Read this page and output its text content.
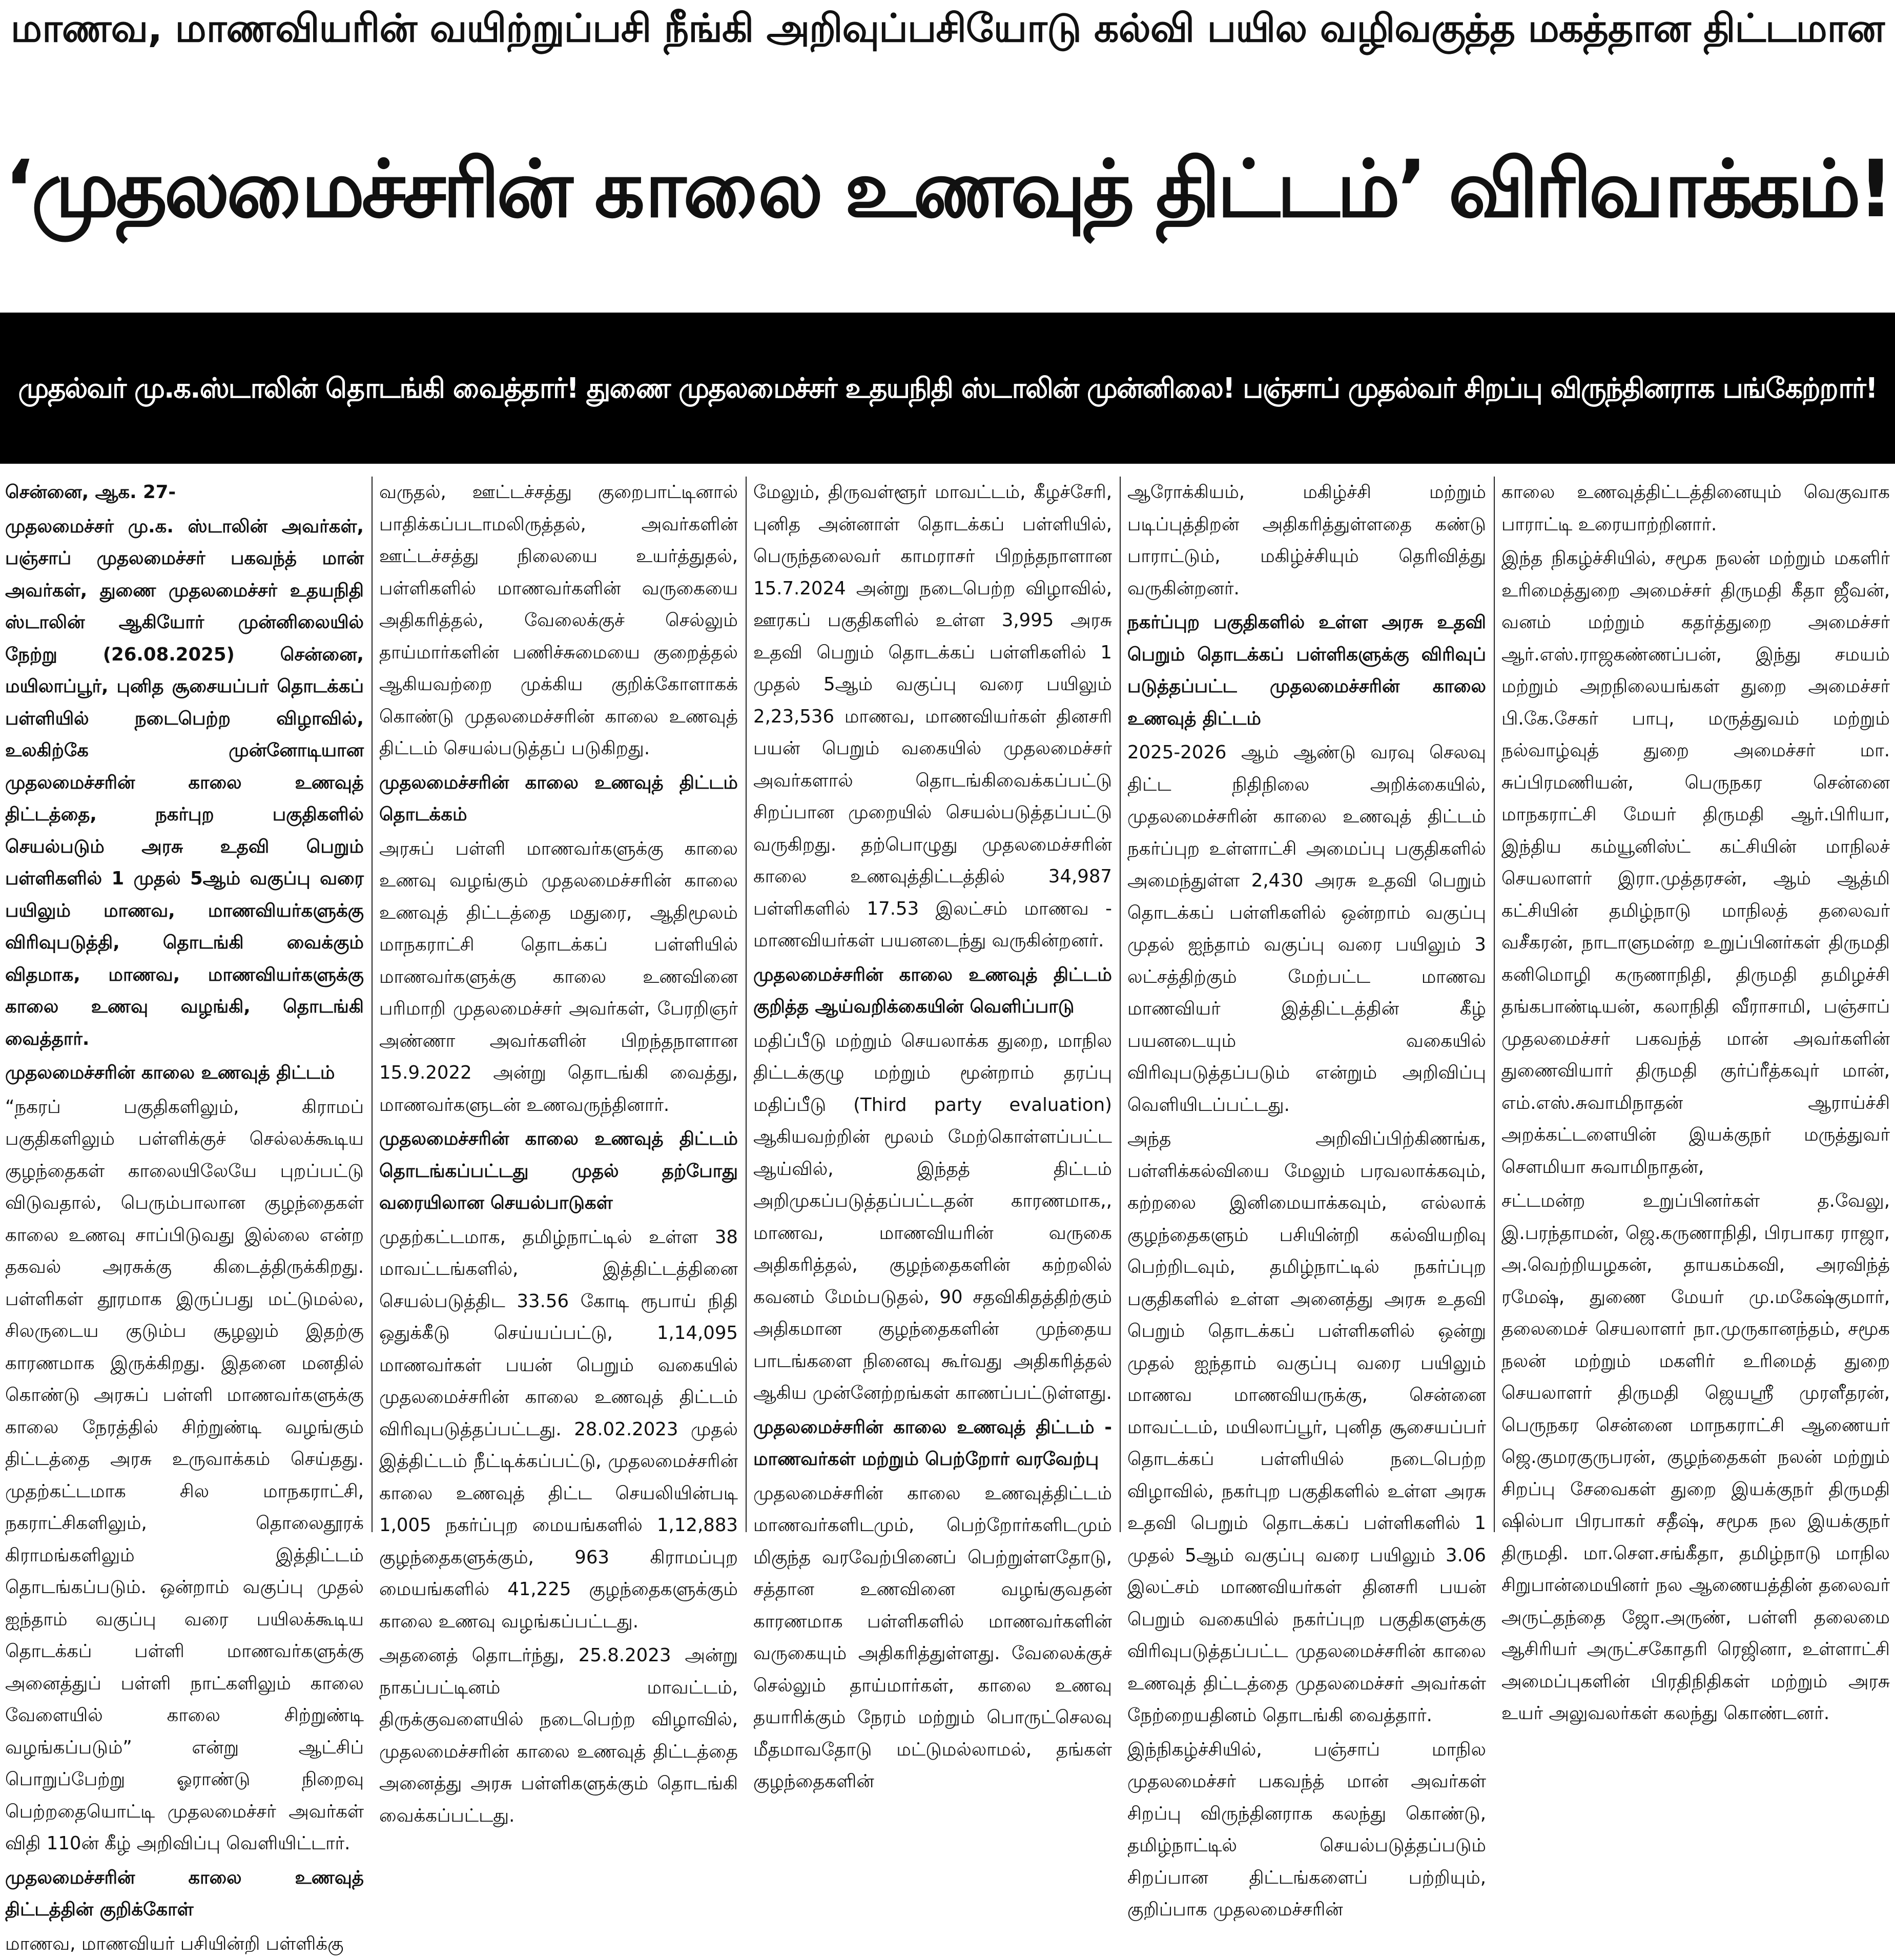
மாணவ, மாணவியரின் வயிற்றுப்பசி நீங்கி அறிவுப்பசியோடு கல்வி பயில வழிவகுத்த மகத்தான திட்டமான
‘முதலமைச்சரின் காலை உணவுத் திட்டம்’ விரிவாக்கம்!
முதல்வர் மு.க.ஸ்டாலின் தொடங்கி வைத்தார்! துணை முதலமைச்சர் உதயநிதி ஸ்டாலின் முன்னிலை! பஞ்சாப் முதல்வர் சிறப்பு விருந்தினராக பங்கேற்றார்!

சென்னை, ஆக. 27-

முதலமைச்சர் மு.க. ஸ்டாலின் அவர்கள், பஞ்சாப் முதலமைச்சர் பகவந்த் மான் அவர்கள், துணை முதலமைச்சர் உதயநிதி ஸ்டாலின் ஆகியோர் முன்னிலையில் நேற்று (26.08.2025) சென்னை, மயிலாப்பூர், புனித சூசையப்பர் தொடக்கப் பள்ளியில் நடைபெற்ற விழாவில், உலகிற்கே முன்னோடியான முதலமைச்சரின் காலை உணவுத் திட்டத்தை, நகர்புற பகுதிகளில் செயல்படும் அரசு உதவி பெறும் பள்ளிகளில் 1 முதல் 5ஆம் வகுப்பு வரை பயிலும் மாணவ, மாணவியர்களுக்கு விரிவுபடுத்தி, தொடங்கி வைக்கும் விதமாக, மாணவ, மாணவியர்களுக்கு காலை உணவு வழங்கி, தொடங்கி வைத்தார்.

முதலமைச்சரின் காலை உணவுத் திட்டம்

“நகரப் பகுதிகளிலும், கிராமப் பகுதிகளிலும் பள்ளிக்குச் செல்லக்கூடிய குழந்தைகள் காலையிலேயே புறப்பட்டு விடுவதால், பெரும்பாலான குழந்தைகள் காலை உணவு சாப்பிடுவது இல்லை என்ற தகவல் அரசுக்கு கிடைத்திருக்கிறது. பள்ளிகள் தூரமாக இருப்பது மட்டுமல்ல, சிலருடைய குடும்ப சூழலும் இதற்கு காரணமாக இருக்கிறது. இதனை மனதில் கொண்டு அரசுப் பள்ளி மாணவர்களுக்கு காலை நேரத்தில் சிற்றுண்டி வழங்கும் திட்டத்தை அரசு உருவாக்கம் செய்தது. முதற்கட்டமாக சில மாநகராட்சி, நகராட்சிகளிலும், தொலைதூரக் கிராமங்களிலும் இத்திட்டம் தொடங்கப்படும். ஒன்றாம் வகுப்பு முதல் ஐந்தாம் வகுப்பு வரை பயிலக்கூடிய தொடக்கப் பள்ளி மாணவர்களுக்கு அனைத்துப் பள்ளி நாட்களிலும் காலை வேளையில் காலை சிற்றுண்டி வழங்கப்படும்” என்று ஆட்சிப் பொறுப்பேற்று ஓராண்டு நிறைவு பெற்றதையொட்டி முதலமைச்சர் அவர்கள் விதி 110ன் கீழ் அறிவிப்பு வெளியிட்டார்.

முதலமைச்சரின் காலை உணவுத் திட்டத்தின் குறிக்கோள்

மாணவ, மாணவியர் பசியின்றி பள்ளிக்கு

வருதல், ஊட்டச்சத்து குறைபாட்டினால் பாதிக்கப்படாமலிருத்தல், அவர்களின் ஊட்டச்சத்து நிலையை உயர்த்துதல், பள்ளிகளில் மாணவர்களின் வருகையை அதிகரித்தல், வேலைக்குச் செல்லும் தாய்மார்களின் பணிச்சுமையை குறைத்தல் ஆகியவற்றை முக்கிய குறிக்கோளாகக் கொண்டு முதலமைச்சரின் காலை உணவுத் திட்டம் செயல்படுத்தப் படுகிறது.

முதலமைச்சரின் காலை உணவுத் திட்டம் தொடக்கம்

அரசுப் பள்ளி மாணவர்களுக்கு காலை உணவு வழங்கும் முதலமைச்சரின் காலை உணவுத் திட்டத்தை மதுரை, ஆதிமூலம் மாநகராட்சி தொடக்கப் பள்ளியில் மாணவர்களுக்கு காலை உணவினை பரிமாறி முதலமைச்சர் அவர்கள், பேரறிஞர் அண்ணா அவர்களின் பிறந்தநாளான 15.9.2022 அன்று தொடங்கி வைத்து, மாணவர்களுடன் உணவருந்தினார்.

முதலமைச்சரின் காலை உணவுத் திட்டம் தொடங்கப்பட்டது முதல் தற்போது வரையிலான செயல்பாடுகள்

முதற்கட்டமாக, தமிழ்நாட்டில் உள்ள 38 மாவட்டங்களில், இத்திட்டத்தினை செயல்படுத்திட 33.56 கோடி ரூபாய் நிதி ஒதுக்கீடு செய்யப்பட்டு, 1,14,095 மாணவர்கள் பயன் பெறும் வகையில் முதலமைச்சரின் காலை உணவுத் திட்டம் விரிவுபடுத்தப்பட்டது. 28.02.2023 முதல் இத்திட்டம் நீட்டிக்கப்பட்டு, முதலமைச்சரின் காலை உணவுத் திட்ட செயலியின்படி 1,005 நகர்ப்புற மையங்களில் 1,12,883 குழந்தைகளுக்கும், 963 கிராமப்புற மையங்களில் 41,225 குழந்தைகளுக்கும் காலை உணவு வழங்கப்பட்டது.

அதனைத் தொடர்ந்து, 25.8.2023 அன்று நாகப்பட்டினம் மாவட்டம், திருக்குவளையில் நடைபெற்ற விழாவில், முதலமைச்சரின் காலை உணவுத் திட்டத்தை அனைத்து அரசு பள்ளிகளுக்கும் தொடங்கி வைக்கப்பட்டது.

மேலும், திருவள்ளூர் மாவட்டம், கீழச்சேரி, புனித அன்னாள் தொடக்கப் பள்ளியில், பெருந்தலைவர் காமராசர் பிறந்தநாளான 15.7.2024 அன்று நடைபெற்ற விழாவில், ஊரகப் பகுதிகளில் உள்ள 3,995 அரசு உதவி பெறும் தொடக்கப் பள்ளிகளில் 1 முதல் 5ஆம் வகுப்பு வரை பயிலும் 2,23,536 மாணவ, மாணவியர்கள் தினசரி பயன் பெறும் வகையில் முதலமைச்சர் அவர்களால் தொடங்கிவைக்கப்பட்டு சிறப்பான முறையில் செயல்படுத்தப்பட்டு வருகிறது. தற்பொழுது முதலமைச்சரின் காலை உணவுத்திட்டத்தில் 34,987 பள்ளிகளில் 17.53 இலட்சம் மாணவ - மாணவியர்கள் பயனடைந்து வருகின்றனர்.

முதலமைச்சரின் காலை உணவுத் திட்டம் குறித்த ஆய்வறிக்கையின் வெளிப்பாடு

மதிப்பீடு மற்றும் செயலாக்க துறை, மாநில திட்டக்குழு மற்றும் மூன்றாம் தரப்பு மதிப்பீடு (Third party evaluation) ஆகியவற்றின் மூலம் மேற்கொள்ளப்பட்ட ஆய்வில், இந்தத் திட்டம் அறிமுகப்படுத்தப்பட்டதன் காரணமாக,, மாணவ, மாணவியரின் வருகை அதிகரித்தல், குழந்தைகளின் கற்றலில் கவனம் மேம்படுதல், 90 சதவிகிதத்திற்கும் அதிகமான குழந்தைகளின் முந்தைய பாடங்களை நினைவு கூர்வது அதிகரித்தல் ஆகிய முன்னேற்றங்கள் காணப்பட்டுள்ளது.

முதலமைச்சரின் காலை உணவுத் திட்டம் - மாணவர்கள் மற்றும் பெற்றோர் வரவேற்பு

முதலமைச்சரின் காலை உணவுத்திட்டம் மாணவர்களிடமும், பெற்றோர்களிடமும் மிகுந்த வரவேற்பினைப் பெற்றுள்ளதோடு, சத்தான உணவினை வழங்குவதன் காரணமாக பள்ளிகளில் மாணவர்களின் வருகையும் அதிகரித்துள்ளது. வேலைக்குச் செல்லும் தாய்மார்கள், காலை உணவு தயாரிக்கும் நேரம் மற்றும் பொருட்செலவு மீதமாவதோடு மட்டுமல்லாமல், தங்கள் குழந்தைகளின்

ஆரோக்கியம், மகிழ்ச்சி மற்றும் படிப்புத்திறன் அதிகரித்துள்ளதை கண்டு பாராட்டும், மகிழ்ச்சியும் தெரிவித்து வருகின்றனர்.

நகர்ப்புற பகுதிகளில் உள்ள அரசு உதவி பெறும் தொடக்கப் பள்ளிகளுக்கு விரிவுப் படுத்தப்பட்ட முதலமைச்சரின் காலை உணவுத் திட்டம்

2025-2026 ஆம் ஆண்டு வரவு செலவு திட்ட நிதிநிலை அறிக்கையில், முதலமைச்சரின் காலை உணவுத் திட்டம் நகர்ப்புற உள்ளாட்சி அமைப்பு பகுதிகளில் அமைந்துள்ள 2,430 அரசு உதவி பெறும் தொடக்கப் பள்ளிகளில் ஒன்றாம் வகுப்பு முதல் ஐந்தாம் வகுப்பு வரை பயிலும் 3 லட்சத்திற்கும் மேற்பட்ட மாணவ மாணவியர் இத்திட்டத்தின் கீழ் பயனடையும் வகையில் விரிவுபடுத்தப்படும் என்றும் அறிவிப்பு வெளியிடப்பட்டது.

அந்த அறிவிப்பிற்கிணங்க, பள்ளிக்கல்வியை மேலும் பரவலாக்கவும், கற்றலை இனிமையாக்கவும், எல்லாக் குழந்தைகளும் பசியின்றி கல்வியறிவு பெற்றிடவும், தமிழ்நாட்டில் நகர்ப்புற பகுதிகளில் உள்ள அனைத்து அரசு உதவி பெறும் தொடக்கப் பள்ளிகளில் ஒன்று முதல் ஐந்தாம் வகுப்பு வரை பயிலும் மாணவ மாணவியருக்கு, சென்னை மாவட்டம், மயிலாப்பூர், புனித சூசையப்பர் தொடக்கப் பள்ளியில் நடைபெற்ற விழாவில், நகர்புற பகுதிகளில் உள்ள அரசு உதவி பெறும் தொடக்கப் பள்ளிகளில் 1 முதல் 5ஆம் வகுப்பு வரை பயிலும் 3.06 இலட்சம் மாணவியர்கள் தினசரி பயன் பெறும் வகையில் நகர்ப்புற பகுதிகளுக்கு விரிவுபடுத்தப்பட்ட முதலமைச்சரின் காலை உணவுத் திட்டத்தை முதலமைச்சர் அவர்கள் நேற்றையதினம் தொடங்கி வைத்தார்.

இந்நிகழ்ச்சியில், பஞ்சாப் மாநில முதலமைச்சர் பகவந்த் மான் அவர்கள் சிறப்பு விருந்தினராக கலந்து கொண்டு, தமிழ்நாட்டில் செயல்படுத்தப்படும் சிறப்பான திட்டங்களைப் பற்றியும், குறிப்பாக முதலமைச்சரின்

காலை உணவுத்திட்டத்தினையும் வெகுவாக பாராட்டி உரையாற்றினார்.

இந்த நிகழ்ச்சியில், சமூக நலன் மற்றும் மகளிர் உரிமைத்துறை அமைச்சர் திருமதி கீதா ஜீவன், வனம் மற்றும் கதர்த்துறை அமைச்சர் ஆர்.எஸ்.ராஜகண்ணப்பன், இந்து சமயம் மற்றும் அறநிலையங்கள் துறை அமைச்சர் பி.கே.சேகர் பாபு, மருத்துவம் மற்றும் நல்வாழ்வுத் துறை அமைச்சர் மா. சுப்பிரமணியன், பெருநகர சென்னை மாநகராட்சி மேயர் திருமதி ஆர்.பிரியா, இந்திய கம்யூனிஸ்ட் கட்சியின் மாநிலச் செயலாளர் இரா.முத்தரசன், ஆம் ஆத்மி கட்சியின் தமிழ்நாடு மாநிலத் தலைவர் வசீகரன், நாடாளுமன்ற உறுப்பினர்கள் திருமதி கனிமொழி கருணாநிதி, திருமதி தமிழச்சி தங்கபாண்டியன், கலாநிதி வீராசாமி, பஞ்சாப் முதலமைச்சர் பகவந்த் மான் அவர்களின் துணைவியார் திருமதி குர்ப்ரீத்கவுர் மான், எம்.எஸ்.சுவாமிநாதன் ஆராய்ச்சி அறக்கட்டளையின் இயக்குநர் மருத்துவர் சௌமியா சுவாமிநாதன்,

சட்டமன்ற உறுப்பினர்கள் த.வேலு, இ.பரந்தாமன், ஜெ.கருணாநிதி, பிரபாகர ராஜா, அ.வெற்றியழகன், தாயகம்கவி, அரவிந்த் ரமேஷ், துணை மேயர் மு.மகேஷ்குமார், தலைமைச் செயலாளர் நா.முருகானந்தம், சமூக நலன் மற்றும் மகளிர் உரிமைத் துறை செயலாளர் திருமதி ஜெயஸ்ரீ முரளீதரன், பெருநகர சென்னை மாநகராட்சி ஆணையர் ஜெ.குமரகுருபரன், குழந்தைகள் நலன் மற்றும் சிறப்பு சேவைகள் துறை இயக்குநர் திருமதி ஷில்பா பிரபாகர் சதீஷ், சமூக நல இயக்குநர் திருமதி. மா.சௌ.சங்கீதா, தமிழ்நாடு மாநில சிறுபான்மையினர் நல ஆணையத்தின் தலைவர் அருட்தந்தை ஜோ.அருண், பள்ளி தலைமை ஆசிரியர் அருட்சகோதரி ரெஜினா, உள்ளாட்சி அமைப்புகளின் பிரதிநிதிகள் மற்றும் அரசு உயர் அலுவலர்கள் கலந்து கொண்டனர்.
